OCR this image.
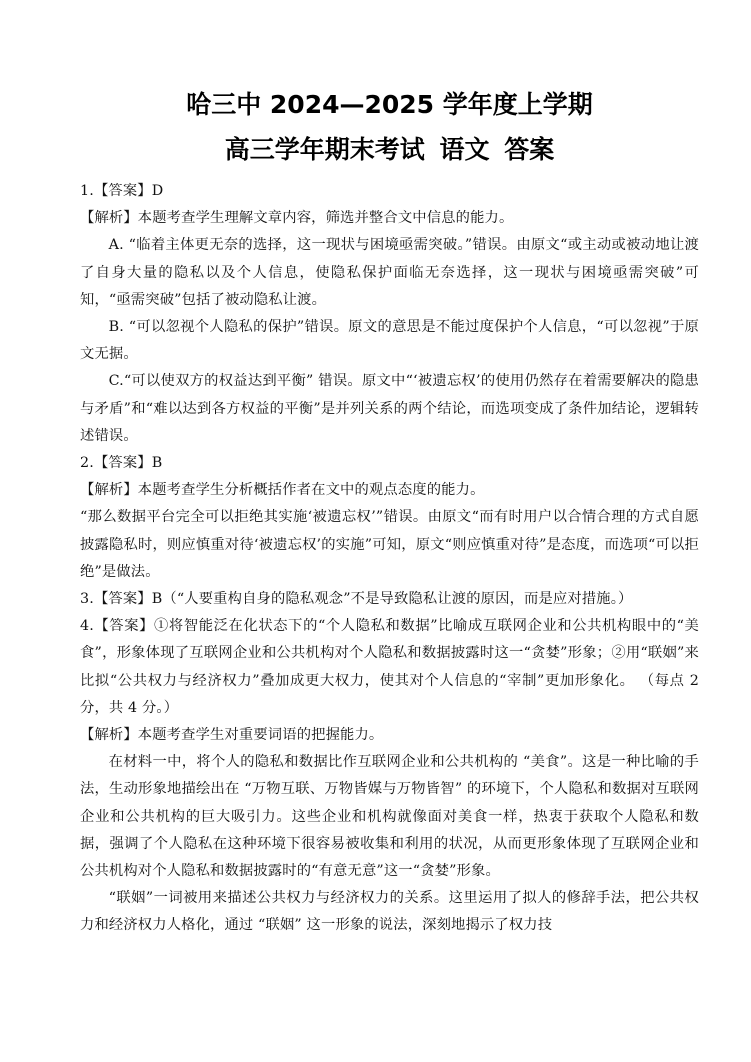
哈三中 2024—2025 学年度上学期
高三学年期末考试 语文 答案

1.【答案】D

【解析】本题考查学生理解文章内容，筛选并整合文中信息的能力。

A. “临着主体更无奈的选择，这一现状与困境亟需突破。”错误。由原文“或主动或被动地让渡了自身大量的隐私以及个人信息，使隐私保护面临无奈选择，这一现状与困境亟需突破”可知，“亟需突破”包括了被动隐私让渡。

B. “可以忽视个人隐私的保护”错误。原文的意思是不能过度保护个人信息，“可以忽视”于原文无据。

C.“可以使双方的权益达到平衡” 错误。原文中“‘被遗忘权’的使用仍然存在着需要解决的隐患与矛盾”和“难以达到各方权益的平衡”是并列关系的两个结论，而选项变成了条件加结论，逻辑转述错误。

2.【答案】B

【解析】本题考查学生分析概括作者在文中的观点态度的能力。

“那么数据平台完全可以拒绝其实施‘被遗忘权’”错误。由原文“而有时用户以合情合理的方式自愿披露隐私时，则应慎重对待‘被遗忘权’的实施”可知，原文“则应慎重对待”是态度，而选项“可以拒绝”是做法。

3.【答案】B（“人要重构自身的隐私观念”不是导致隐私让渡的原因，而是应对措施。）

4.【答案】①将智能泛在化状态下的“个人隐私和数据”比喻成互联网企业和公共机构眼中的“美食”，形象体现了互联网企业和公共机构对个人隐私和数据披露时这一“贪婪”形象；②用“联姻”来比拟“公共权力与经济权力”叠加成更大权力，使其对个人信息的“宰制”更加形象化。 （每点 2 分，共 4 分。）

【解析】本题考查学生对重要词语的把握能力。

在材料一中，将个人的隐私和数据比作互联网企业和公共机构的 “美食”。这是一种比喻的手法，生动形象地描绘出在 “万物互联、万物皆媒与万物皆智” 的环境下，个人隐私和数据对互联网企业和公共机构的巨大吸引力。这些企业和机构就像面对美食一样，热衷于获取个人隐私和数据，强调了个人隐私在这种环境下很容易被收集和利用的状况，从而更形象体现了互联网企业和公共机构对个人隐私和数据披露时的“有意无意”这一“贪婪”形象。

“联姻”一词被用来描述公共权力与经济权力的关系。这里运用了拟人的修辞手法，把公共权力和经济权力人格化，通过 “联姻” 这一形象的说法，深刻地揭示了权力技
